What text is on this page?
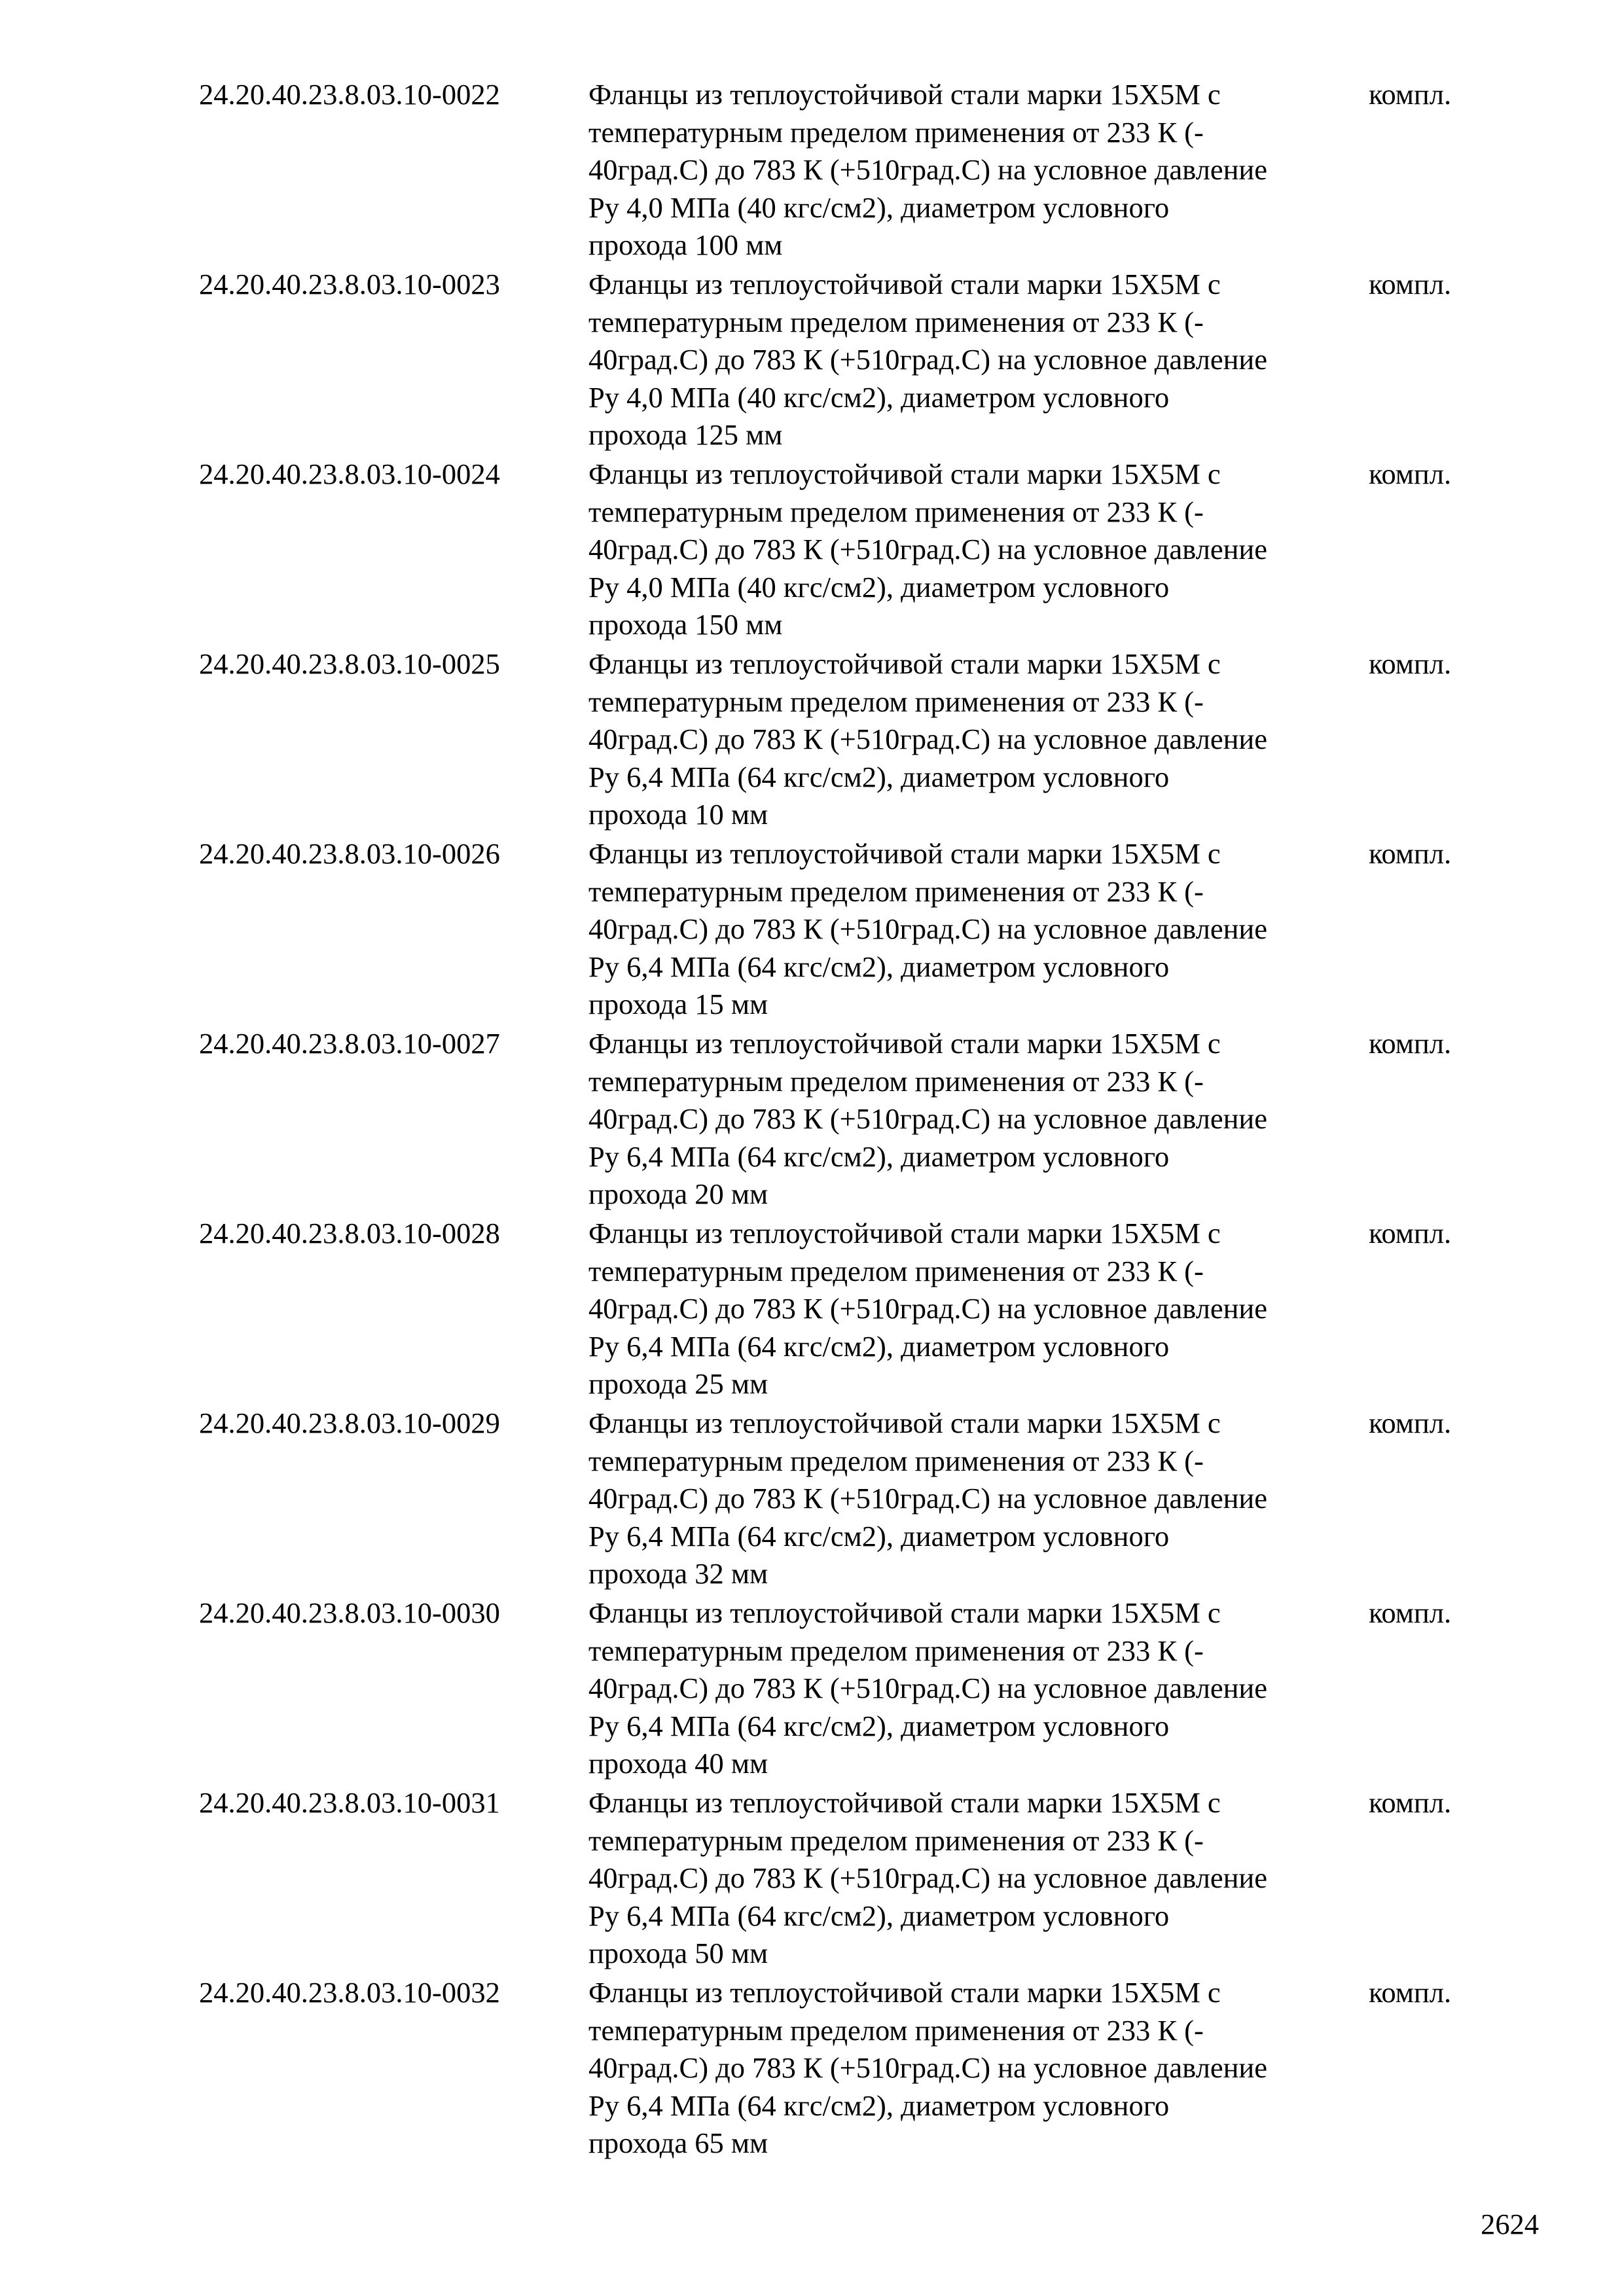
24.20.40.23.8.03.10-0022	Фланцы из теплоустойчивой стали марки 15Х5М с
температурным пределом применения от 233 К (-
40град.С) до 783 К (+510град.С) на условное давление
Ру 4,0 МПа (40 кгс/см2), диаметром условного
прохода 100 мм
компл.
24.20.40.23.8.03.10-0023	Фланцы из теплоустойчивой стали марки 15Х5М с
температурным пределом применения от 233 К (-
40град.С) до 783 К (+510град.С) на условное давление
Ру 4,0 МПа (40 кгс/см2), диаметром условного
прохода 125 мм
компл.
24.20.40.23.8.03.10-0024	Фланцы из теплоустойчивой стали марки 15Х5М с
температурным пределом применения от 233 К (-
40град.С) до 783 К (+510град.С) на условное давление
Ру 4,0 МПа (40 кгс/см2), диаметром условного
прохода 150 мм
компл.
24.20.40.23.8.03.10-0025	Фланцы из теплоустойчивой стали марки 15Х5М с
температурным пределом применения от 233 К (-
40град.С) до 783 К (+510град.С) на условное давление
Ру 6,4 МПа (64 кгс/см2), диаметром условного
прохода 10 мм
компл.
24.20.40.23.8.03.10-0026	Фланцы из теплоустойчивой стали марки 15Х5М с
температурным пределом применения от 233 К (-
40град.С) до 783 К (+510град.С) на условное давление
Ру 6,4 МПа (64 кгс/см2), диаметром условного
прохода 15 мм
компл.
24.20.40.23.8.03.10-0027	Фланцы из теплоустойчивой стали марки 15Х5М с
температурным пределом применения от 233 К (-
40град.С) до 783 К (+510град.С) на условное давление
Ру 6,4 МПа (64 кгс/см2), диаметром условного
прохода 20 мм
компл.
24.20.40.23.8.03.10-0028	Фланцы из теплоустойчивой стали марки 15Х5М с
температурным пределом применения от 233 К (-
40град.С) до 783 К (+510град.С) на условное давление
Ру 6,4 МПа (64 кгс/см2), диаметром условного
прохода 25 мм
компл.
24.20.40.23.8.03.10-0029	Фланцы из теплоустойчивой стали марки 15Х5М с
температурным пределом применения от 233 К (-
40град.С) до 783 К (+510град.С) на условное давление
Ру 6,4 МПа (64 кгс/см2), диаметром условного
прохода 32 мм
компл.
24.20.40.23.8.03.10-0030	Фланцы из теплоустойчивой стали марки 15Х5М с
температурным пределом применения от 233 К (-
40град.С) до 783 К (+510град.С) на условное давление
Ру 6,4 МПа (64 кгс/см2), диаметром условного
прохода 40 мм
компл.
24.20.40.23.8.03.10-0031	Фланцы из теплоустойчивой стали марки 15Х5М с
температурным пределом применения от 233 К (-
40град.С) до 783 К (+510град.С) на условное давление
Ру 6,4 МПа (64 кгс/см2), диаметром условного
прохода 50 мм
компл.
24.20.40.23.8.03.10-0032	Фланцы из теплоустойчивой стали марки 15Х5М с
температурным пределом применения от 233 К (-
40град.С) до 783 К (+510град.С) на условное давление
Ру 6,4 МПа (64 кгс/см2), диаметром условного
прохода 65 мм
компл.
2624
